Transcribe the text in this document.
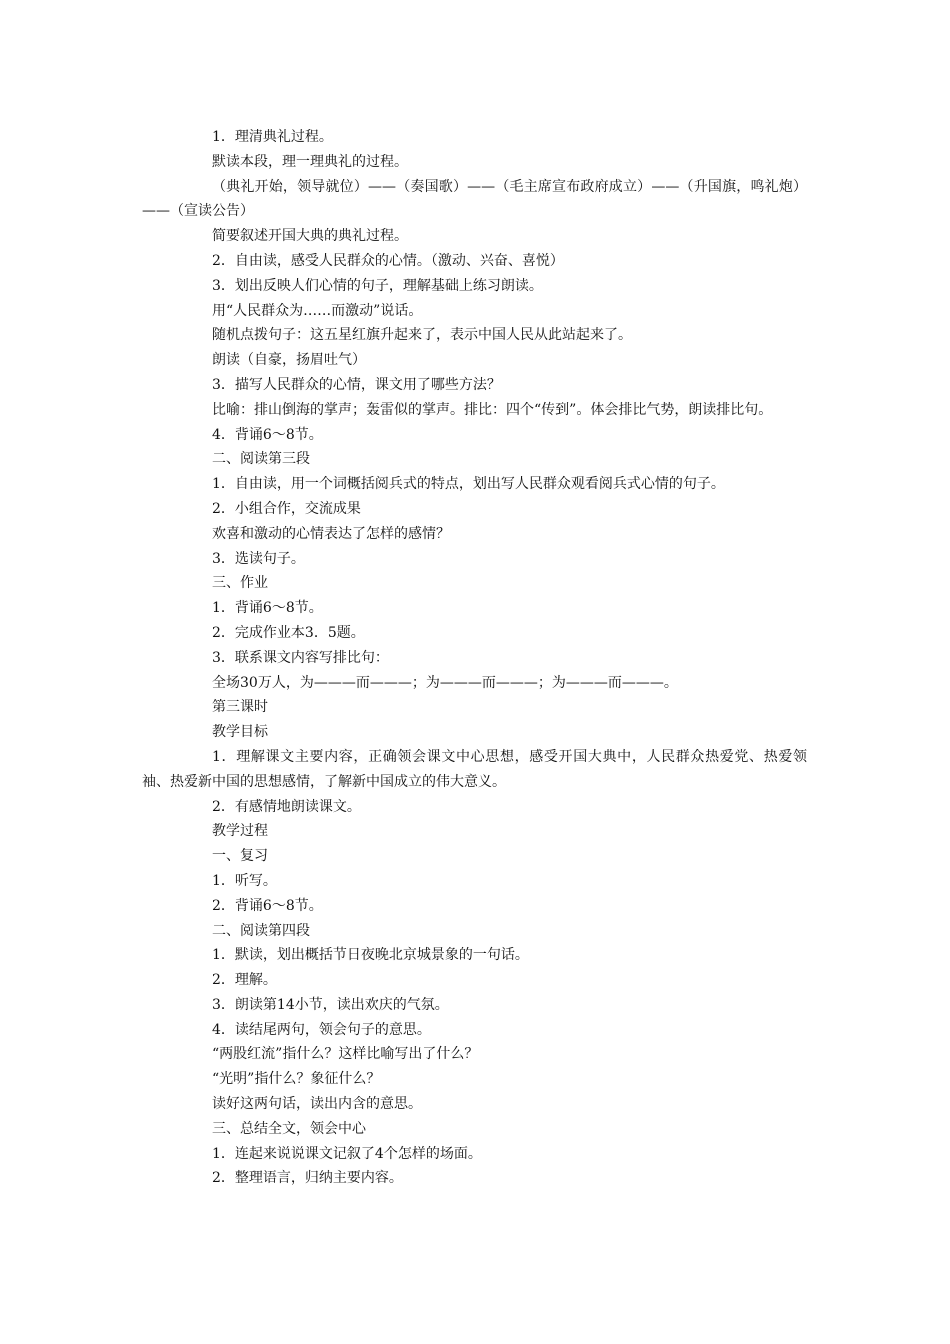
1．理清典礼过程。
默读本段，理一理典礼的过程。
（典礼开始，领导就位）——（奏国歌）——（毛主席宣布政府成立）——（升国旗，鸣礼炮）——（宣读公告）
简要叙述开国大典的典礼过程。
2．自由读，感受人民群众的心情。（激动、兴奋、喜悦）
3．划出反映人们心情的句子，理解基础上练习朗读。
用“人民群众为……而激动”说话。
随机点拨句子：这五星红旗升起来了，表示中国人民从此站起来了。
朗读（自豪，扬眉吐气）
3．描写人民群众的心情，课文用了哪些方法？
比喻：排山倒海的掌声；轰雷似的掌声。排比：四个“传到”。体会排比气势，朗读排比句。
4．背诵6～8节。
二、阅读第三段
1．自由读，用一个词概括阅兵式的特点，划出写人民群众观看阅兵式心情的句子。
2．小组合作，交流成果
欢喜和激动的心情表达了怎样的感情？
3．选读句子。
三、作业
1．背诵6～8节。
2．完成作业本3．5题。
3．联系课文内容写排比句：
全场30万人，为———而———；为———而———；为———而———。
第三课时
教学目标
1．理解课文主要内容，正确领会课文中心思想，感受开国大典中，人民群众热爱党、热爱领袖、热爱新中国的思想感情，了解新中国成立的伟大意义。
2．有感情地朗读课文。
教学过程
一、复习
1．听写。
2．背诵6～8节。
二、阅读第四段
1．默读，划出概括节日夜晚北京城景象的一句话。
2．理解。
3．朗读第14小节，读出欢庆的气氛。
4．读结尾两句，领会句子的意思。
“两股红流”指什么？这样比喻写出了什么？
“光明”指什么？象征什么？
读好这两句话，读出内含的意思。
三、总结全文，领会中心
1．连起来说说课文记叙了4个怎样的场面。
2．整理语言，归纳主要内容。
